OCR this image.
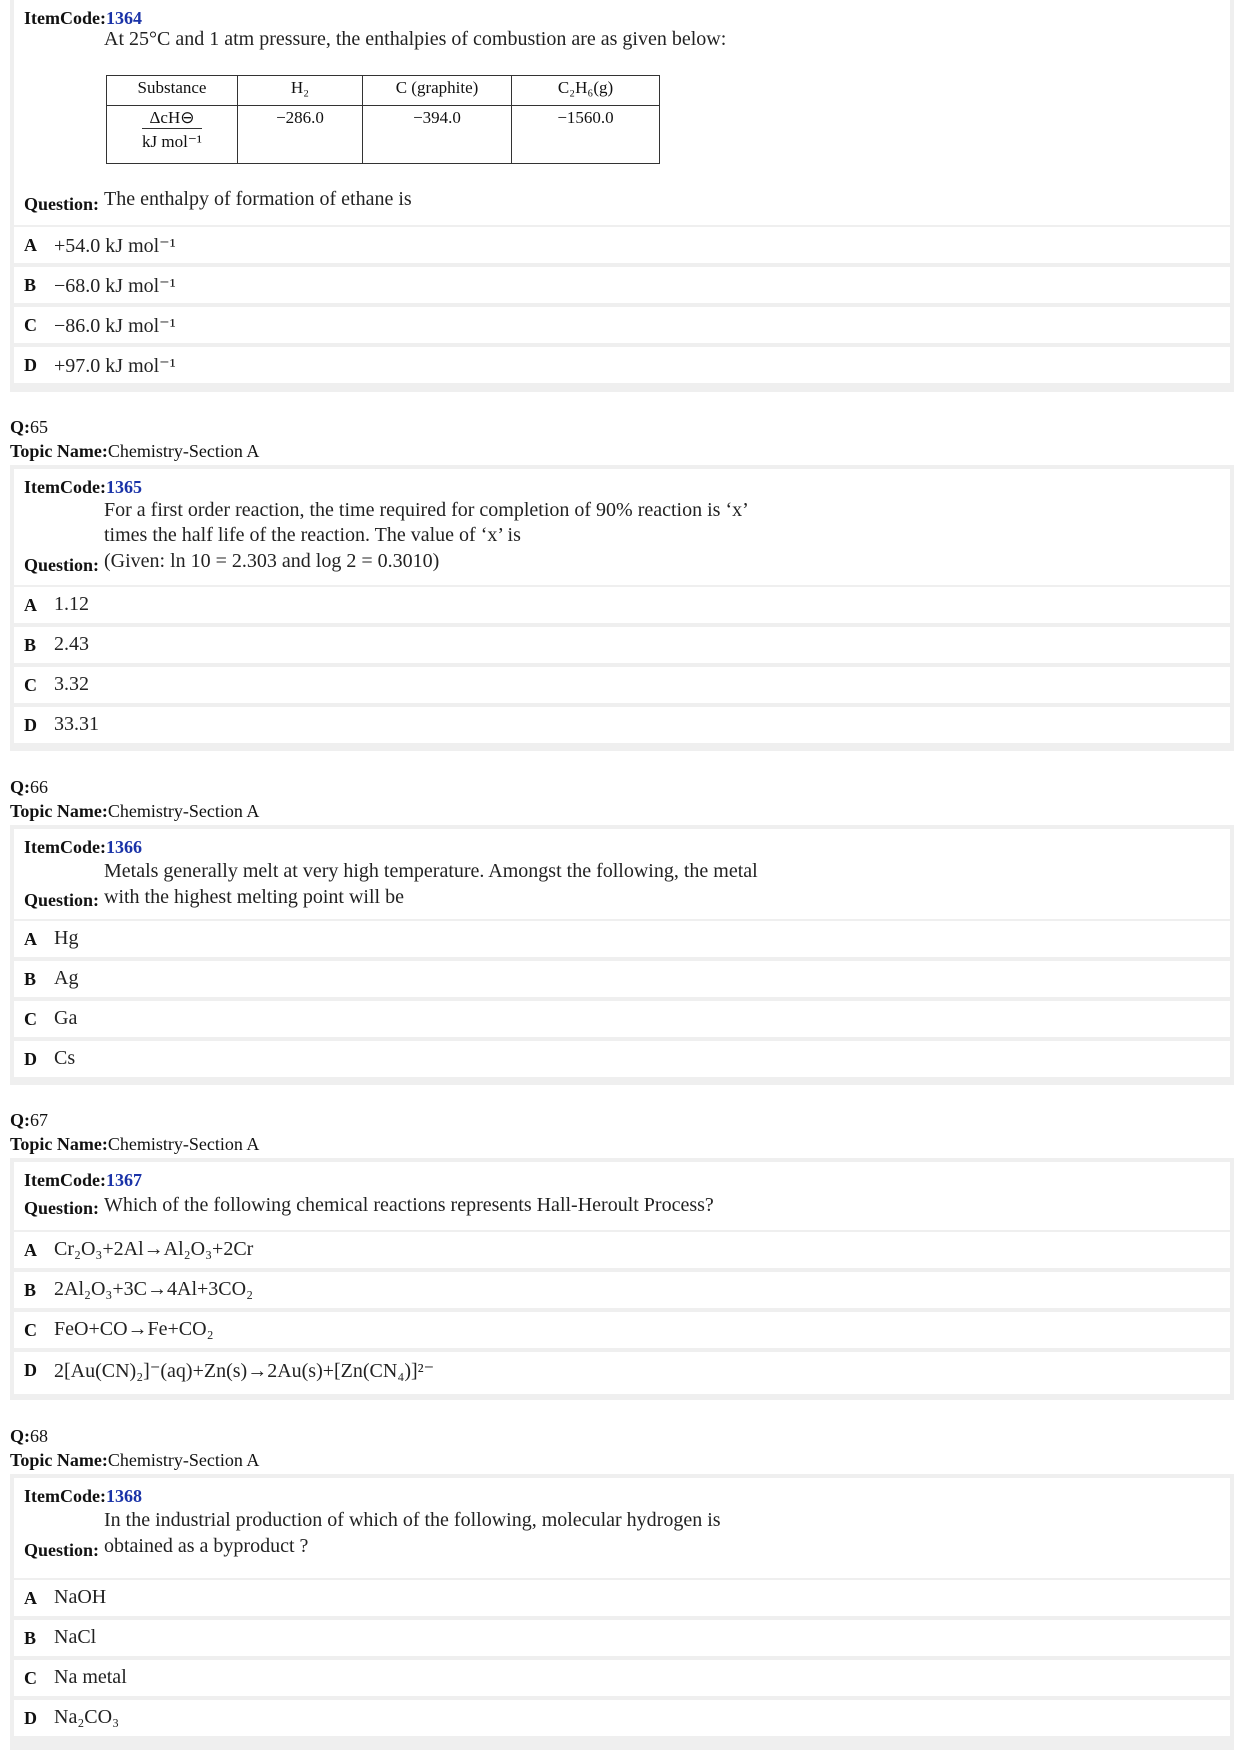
ItemCode:1364
At 25°C and 1 atm pressure, the enthalpies of combustion are as given below:
Substance	H₂	C (graphite)	C₂H₆(g)

$\frac{\text{ΔcH⊖}}{\text{kJ mol⁻¹}}$	−286.0	−394.0	−1560.0
Question: The enthalpy of formation of ethane is
A +54.0 kJ mol⁻¹
B −68.0 kJ mol⁻¹
C −86.0 kJ mol⁻¹
D +97.0 kJ mol⁻¹
Q:65
Topic Name:Chemistry-Section A
ItemCode:1365
For a first order reaction, the time required for completion of 90% reaction is ‘x’
times the half life of the reaction. The value of ‘x’ is
Question: (Given: ln 10 = 2.303 and log 2 = 0.3010)
A 1.12
B 2.43
C 3.32
D 33.31
Q:66
Topic Name:Chemistry-Section A
ItemCode:1366
Metals generally melt at very high temperature. Amongst the following, the metal
Question: with the highest melting point will be
A Hg
B Ag
C Ga
D Cs
Q:67
Topic Name:Chemistry-Section A
ItemCode:1367
Question: Which of the following chemical reactions represents Hall-Heroult Process?
A Cr₂O₃+2Al→Al₂O₃+2Cr
B 2Al₂O₃+3C→4Al+3CO₂
C FeO+CO→Fe+CO₂
D 2[Au(CN)₂]⁻(aq)+Zn(s)→2Au(s)+[Zn(CN₄)]²⁻
Q:68
Topic Name:Chemistry-Section A
ItemCode:1368
In the industrial production of which of the following, molecular hydrogen is
Question: obtained as a byproduct ?
A NaOH
B NaCl
C Na metal
D Na₂CO₃
